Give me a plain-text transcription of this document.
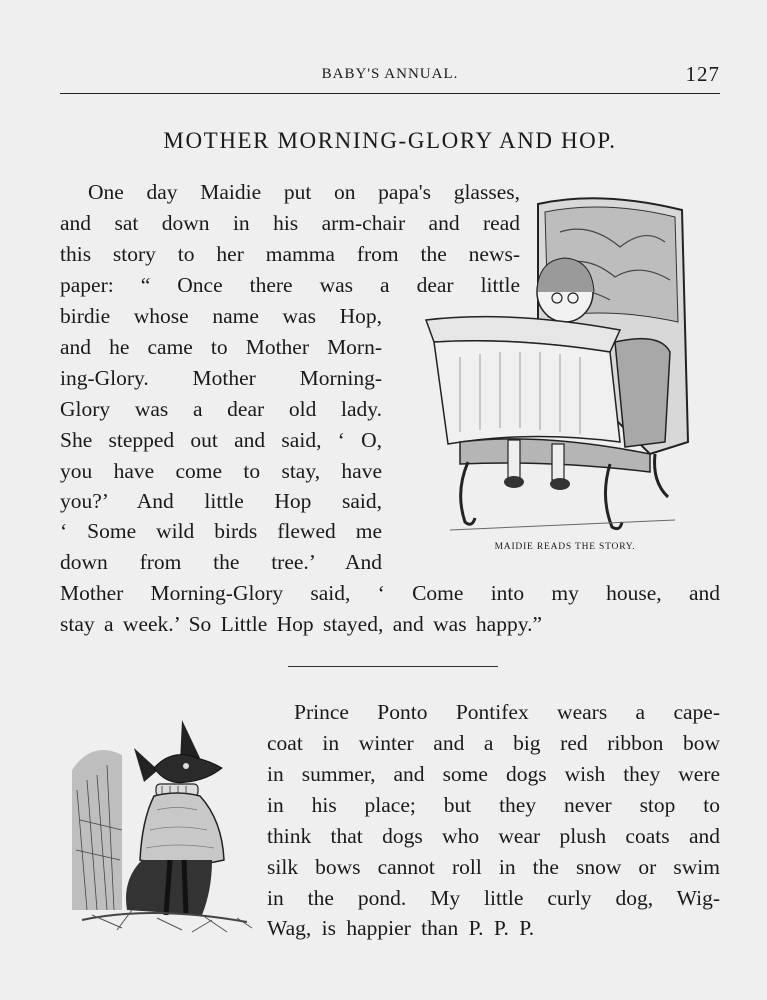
BABY'S ANNUAL.	127
MOTHER MORNING-GLORY AND HOP.
One day Maidie put on papa's glasses,
and sat down in his arm-chair and read
this story to her mamma from the news-
paper: “ Once there was a dear little
birdie whose name was Hop,
and he came to Mother Morn-
ing-Glory. Mother Morning-
Glory was a dear old lady.
She stepped out and said, ‘ O,
you have come to stay, have
you?’ And little Hop said,
‘ Some wild birds flewed me
down from the tree.’ And
Mother Morning-Glory said, ‘ Come into my house, and
stay a week.’ So Little Hop stayed, and was happy.”
MAIDIE READS THE STORY.
Prince Ponto Pontifex wears a cape-
coat in winter and a big red ribbon bow
in summer, and some dogs wish they were
in his place; but they never stop to
think that dogs who wear plush coats and
silk bows cannot roll in the snow or swim
in the pond. My little curly dog, Wig-
Wag, is happier than P. P. P.
